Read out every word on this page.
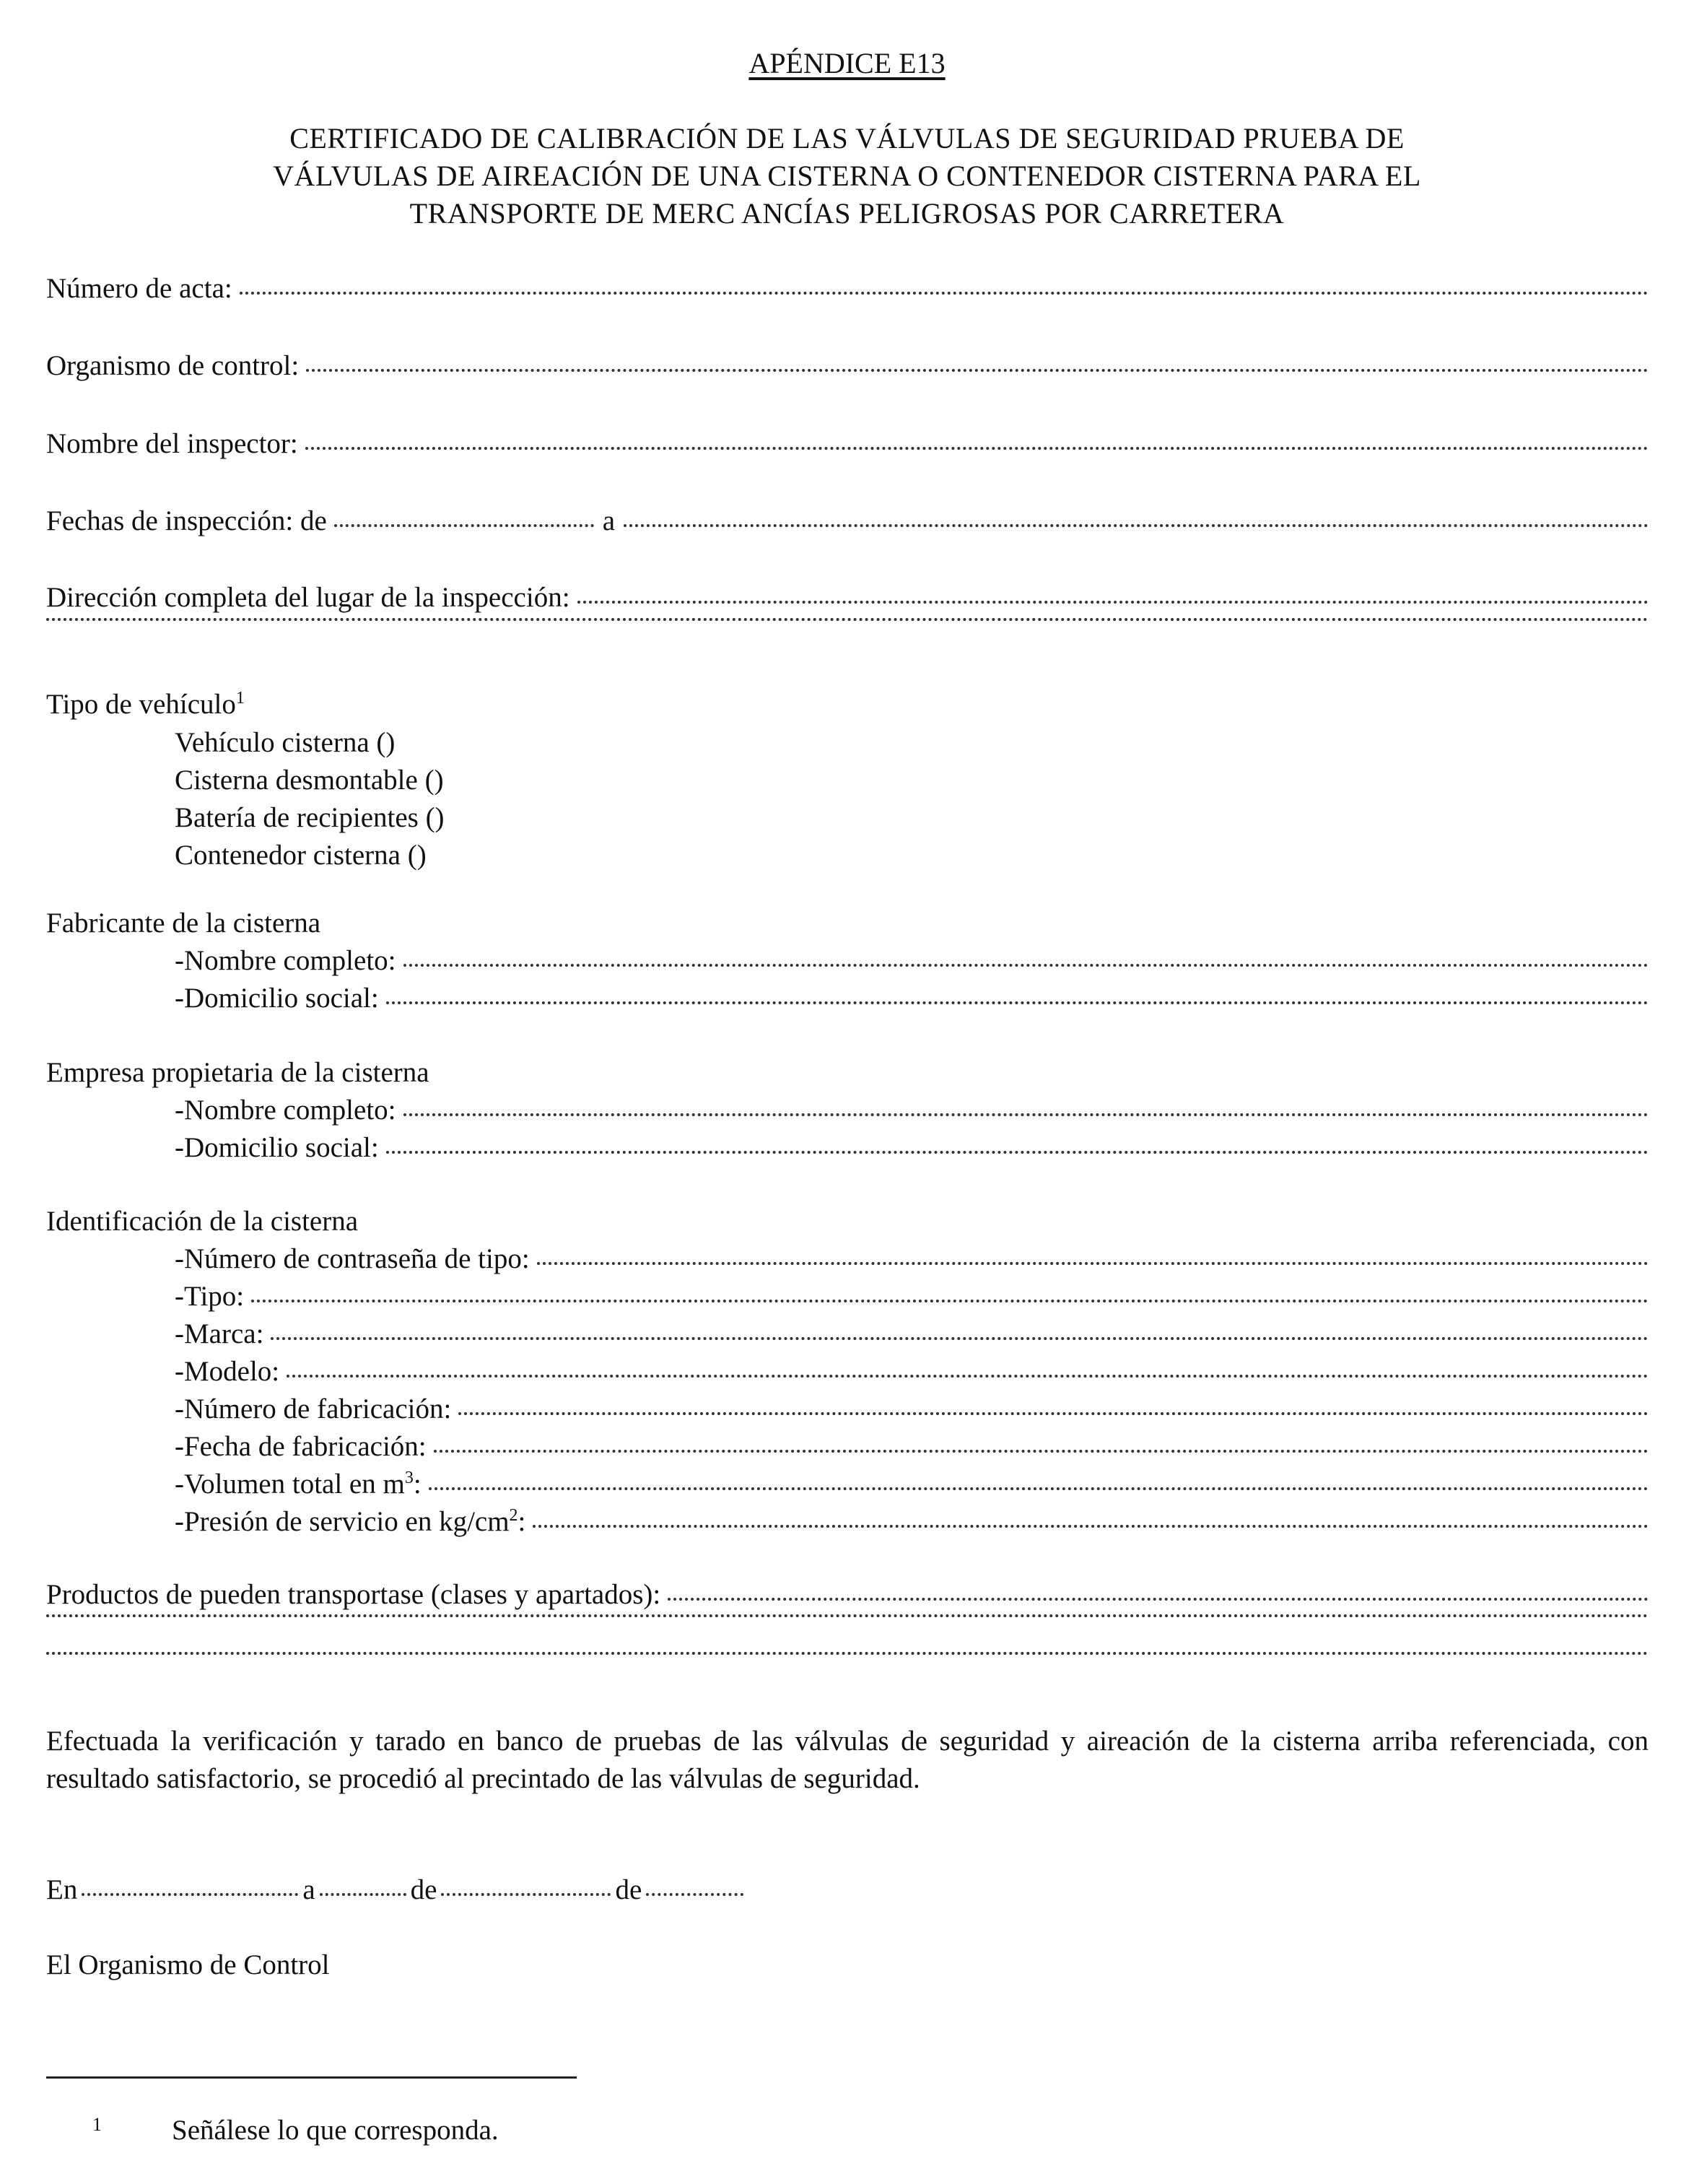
APÉNDICE E13
CERTIFICADO DE CALIBRACIÓN DE LAS VÁLVULAS DE SEGURIDAD PRUEBA DE
VÁLVULAS DE AIREACIÓN DE UNA CISTERNA O CONTENEDOR CISTERNA PARA EL
TRANSPORTE DE MERC ANCÍAS PELIGROSAS POR CARRETERA
Número de acta:
Organismo de control:
Nombre del inspector:
Fechas de inspección: de	a
Dirección completa del lugar de la inspección:
Tipo de vehículo$^1$
Vehículo cisterna ()
Cisterna desmontable ()
Batería de recipientes ()
Contenedor cisterna ()
Fabricante de la cisterna
-Nombre completo:
-Domicilio social:
Empresa propietaria de la cisterna
-Nombre completo:
-Domicilio social:
Identificación de la cisterna
-Número de contraseña de tipo:
-Tipo:
-Marca:
-Modelo:
-Número de fabricación:
-Fecha de fabricación:
-Volumen total en $m^3$:
-Presión de servicio en $kg/cm^2$:
Productos de pueden transportase (clases y apartados):
Efectuada la verificación y tarado en banco de pruebas de las válvulas de seguridad y aireación de la cisterna arriba referenciada, con resultado satisfactorio, se procedió al precintado de las válvulas de seguridad.
En	a	de	de
El Organismo de Control
1 Señálese lo que corresponda.
